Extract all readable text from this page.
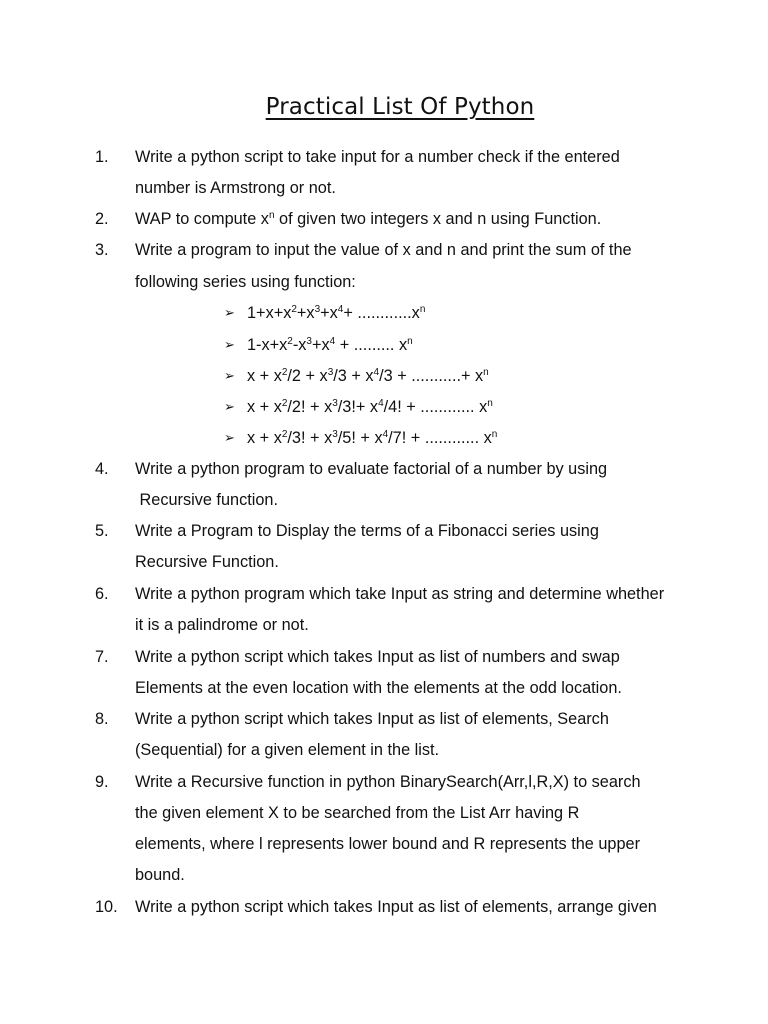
Practical List Of Python
1. Write a python script to take input for a number check if the entered
number is Armstrong or not.
2. WAP to compute $x^n$ of given two integers x and n using Function.
3. Write a program to input the value of x and n and print the sum of the
following series using function:
➢ $1+x+x^2+x^3+x^4+ ............x^n$
➢ $1-x+x^2-x^3+x^4$ + ......... $x^n$
➢ $x + x^2/2 + x^3/3 + x^4/3$ + ...........+ $x^n$
➢ $x + x^2/2$! + $x^3/3!+ x^4/4$! + ............ $x^n$
➢ $x + x^2/3$! + $x^3/5$! + $x^4/7$! + ............ $x^n$
4. Write a python program to evaluate factorial of a number by using
Recursive function.
5. Write a Program to Display the terms of a Fibonacci series using
Recursive Function.
6. Write a python program which take Input as string and determine whether
it is a palindrome or not.
7. Write a python script which takes Input as list of numbers and swap
Elements at the even location with the elements at the odd location.
8. Write a python script which takes Input as list of elements, Search
(Sequential) for a given element in the list.
9. Write a Recursive function in python BinarySearch(Arr,l,R,X) to search
the given element X to be searched from the List Arr having R
elements, where l represents lower bound and R represents the upper
bound.
10. Write a python script which takes Input as list of elements, arrange given
